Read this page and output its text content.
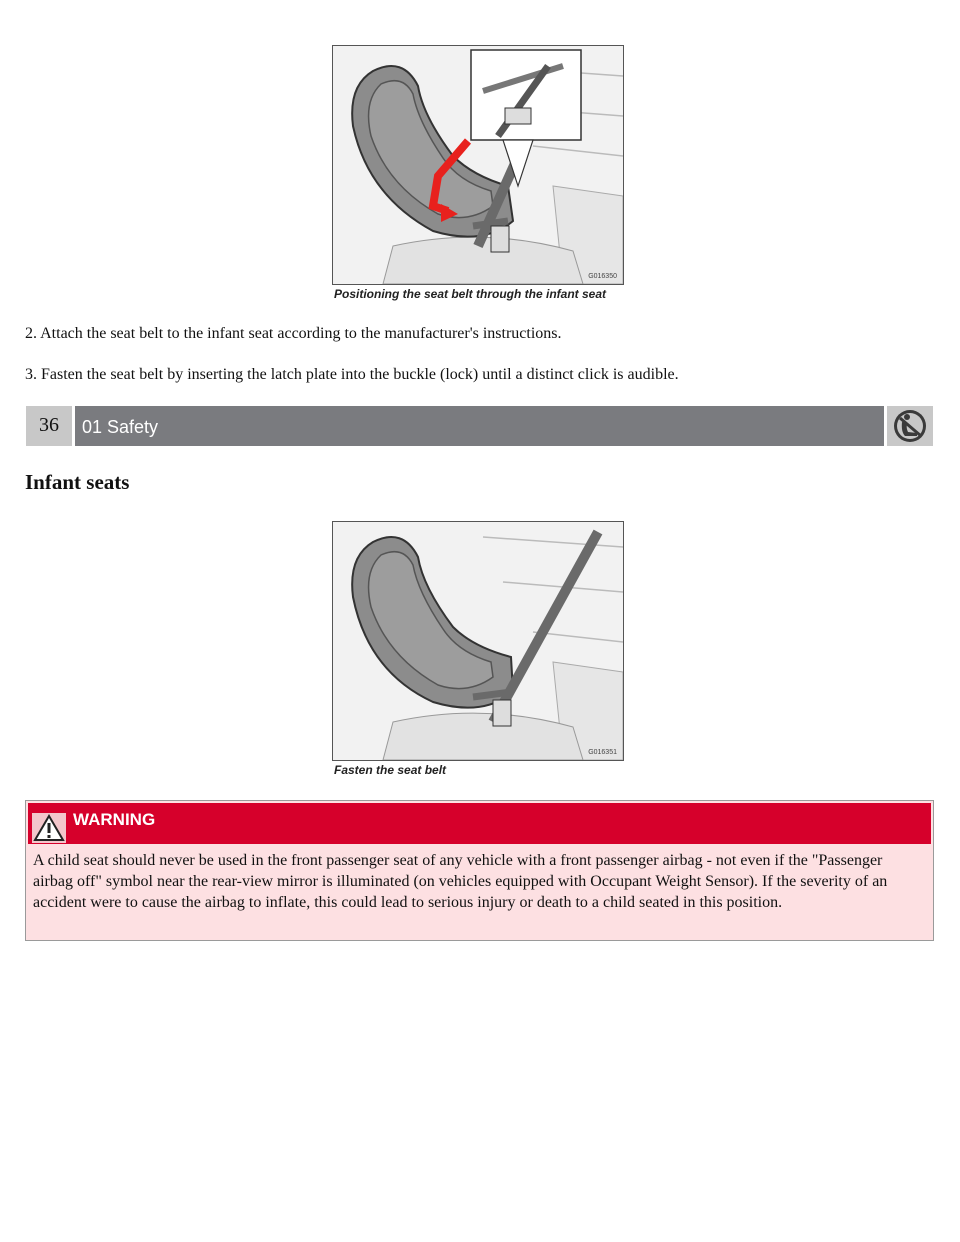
G016350
Positioning the seat belt through the infant seat

2. Attach the seat belt to the infant seat according to the manufacturer's instructions.

3. Fasten the seat belt by inserting the latch plate into the buckle (lock) until a distinct click is audible.

36	01 Safety
Infant seats
G016351
Fasten the seat belt
WARNING
A child seat should never be used in the front passenger seat of any vehicle with a front passenger airbag - not even if the "Passenger airbag off" symbol near the rear-view mirror is illuminated (on vehicles equipped with Occupant Weight Sensor). If the severity of an accident were to cause the airbag to inflate, this could lead to serious injury or death to a child seated in this position.
